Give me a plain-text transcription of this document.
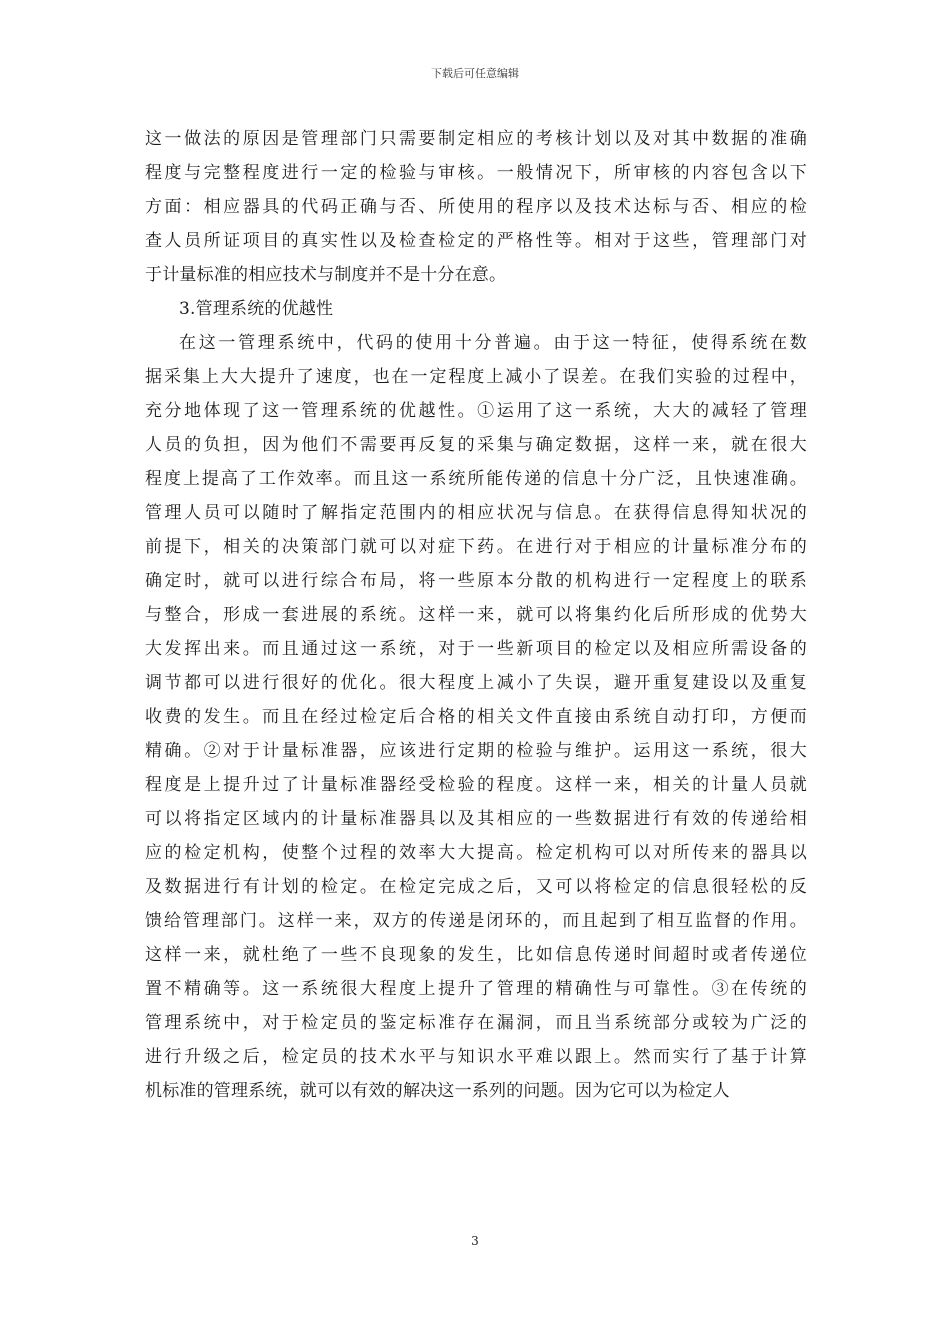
下载后可任意编辑
这一做法的原因是管理部门只需要制定相应的考核计划以及对其中数据的准确
程度与完整程度进行一定的检验与审核。一般情况下，所审核的内容包含以下
方面：相应器具的代码正确与否、所使用的程序以及技术达标与否、相应的检
查人员所证项目的真实性以及检查检定的严格性等。相对于这些，管理部门对
于计量标准的相应技术与制度并不是十分在意。
3.管理系统的优越性
在这一管理系统中，代码的使用十分普遍。由于这一特征，使得系统在数
据采集上大大提升了速度，也在一定程度上减小了误差。在我们实验的过程中，
充分地体现了这一管理系统的优越性。①运用了这一系统，大大的减轻了管理
人员的负担，因为他们不需要再反复的采集与确定数据，这样一来，就在很大
程度上提高了工作效率。而且这一系统所能传递的信息十分广泛，且快速准确。
管理人员可以随时了解指定范围内的相应状况与信息。在获得信息得知状况的
前提下，相关的决策部门就可以对症下药。在进行对于相应的计量标准分布的
确定时，就可以进行综合布局，将一些原本分散的机构进行一定程度上的联系
与整合，形成一套进展的系统。这样一来，就可以将集约化后所形成的优势大
大发挥出来。而且通过这一系统，对于一些新项目的检定以及相应所需设备的
调节都可以进行很好的优化。很大程度上减小了失误，避开重复建设以及重复
收费的发生。而且在经过检定后合格的相关文件直接由系统自动打印，方便而
精确。②对于计量标准器，应该进行定期的检验与维护。运用这一系统，很大
程度是上提升过了计量标准器经受检验的程度。这样一来，相关的计量人员就
可以将指定区域内的计量标准器具以及其相应的一些数据进行有效的传递给相
应的检定机构，使整个过程的效率大大提高。检定机构可以对所传来的器具以
及数据进行有计划的检定。在检定完成之后，又可以将检定的信息很轻松的反
馈给管理部门。这样一来，双方的传递是闭环的，而且起到了相互监督的作用。
这样一来，就杜绝了一些不良现象的发生，比如信息传递时间超时或者传递位
置不精确等。这一系统很大程度上提升了管理的精确性与可靠性。③在传统的
管理系统中，对于检定员的鉴定标准存在漏洞，而且当系统部分或较为广泛的
进行升级之后，检定员的技术水平与知识水平难以跟上。然而实行了基于计算
机标准的管理系统，就可以有效的解决这一系列的问题。因为它可以为检定人
3
